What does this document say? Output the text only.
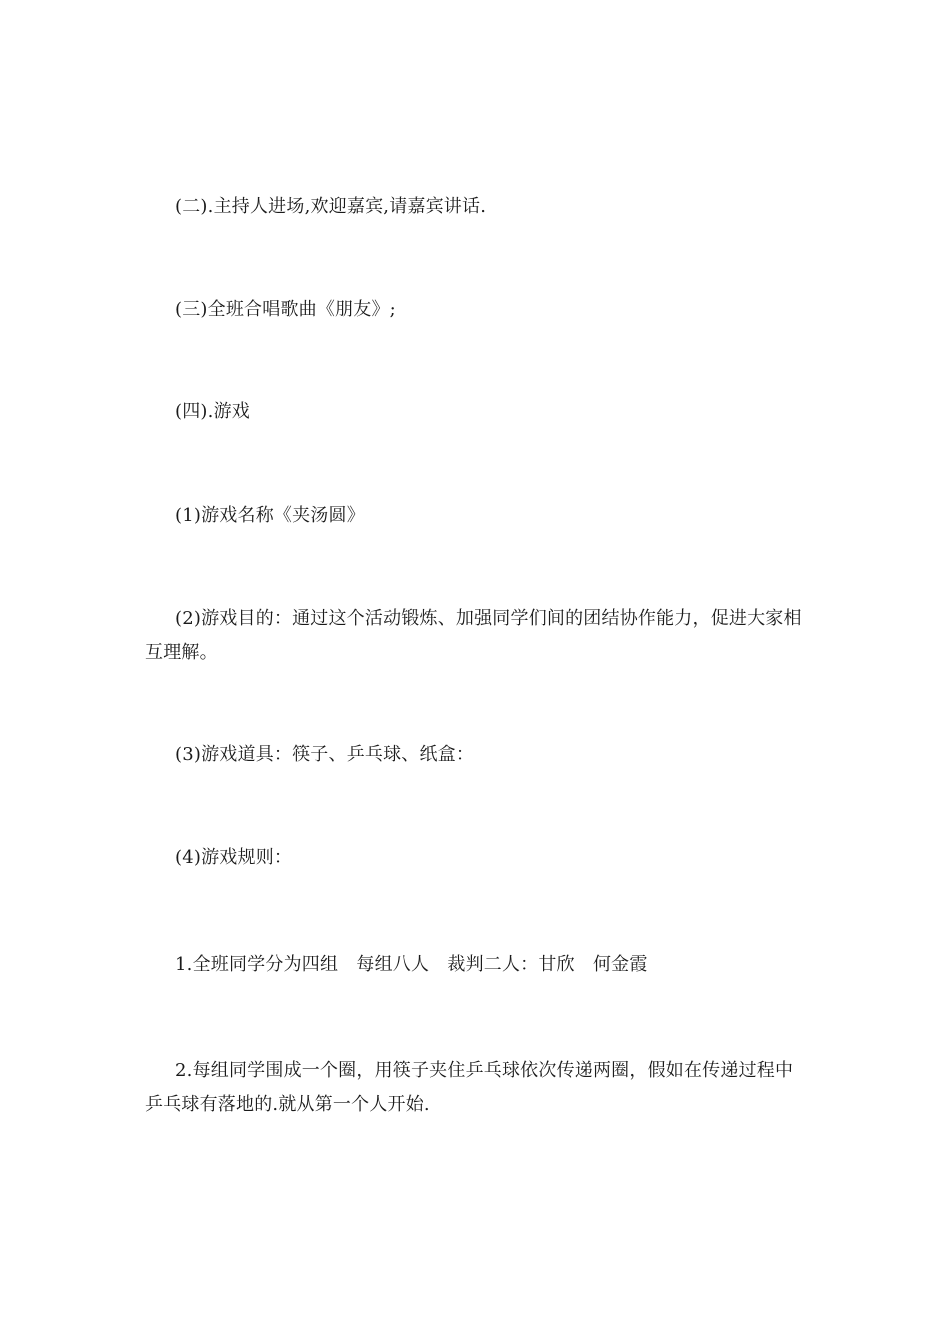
(二).主持人进场,欢迎嘉宾,请嘉宾讲话.

(三)全班合唱歌曲《朋友》;

(四).游戏

(1)游戏名称《夹汤圆》

(2)游戏目的：通过这个活动锻炼、加强同学们间的团结协作能力，促进大家相互理解。

(3)游戏道具：筷子、乒乓球、纸盒：

(4)游戏规则：

1.全班同学分为四组　每组八人　裁判二人：甘欣　何金霞

2.每组同学围成一个圈，用筷子夹住乒乓球依次传递两圈，假如在传递过程中乒乓球有落地的.就从第一个人开始.
